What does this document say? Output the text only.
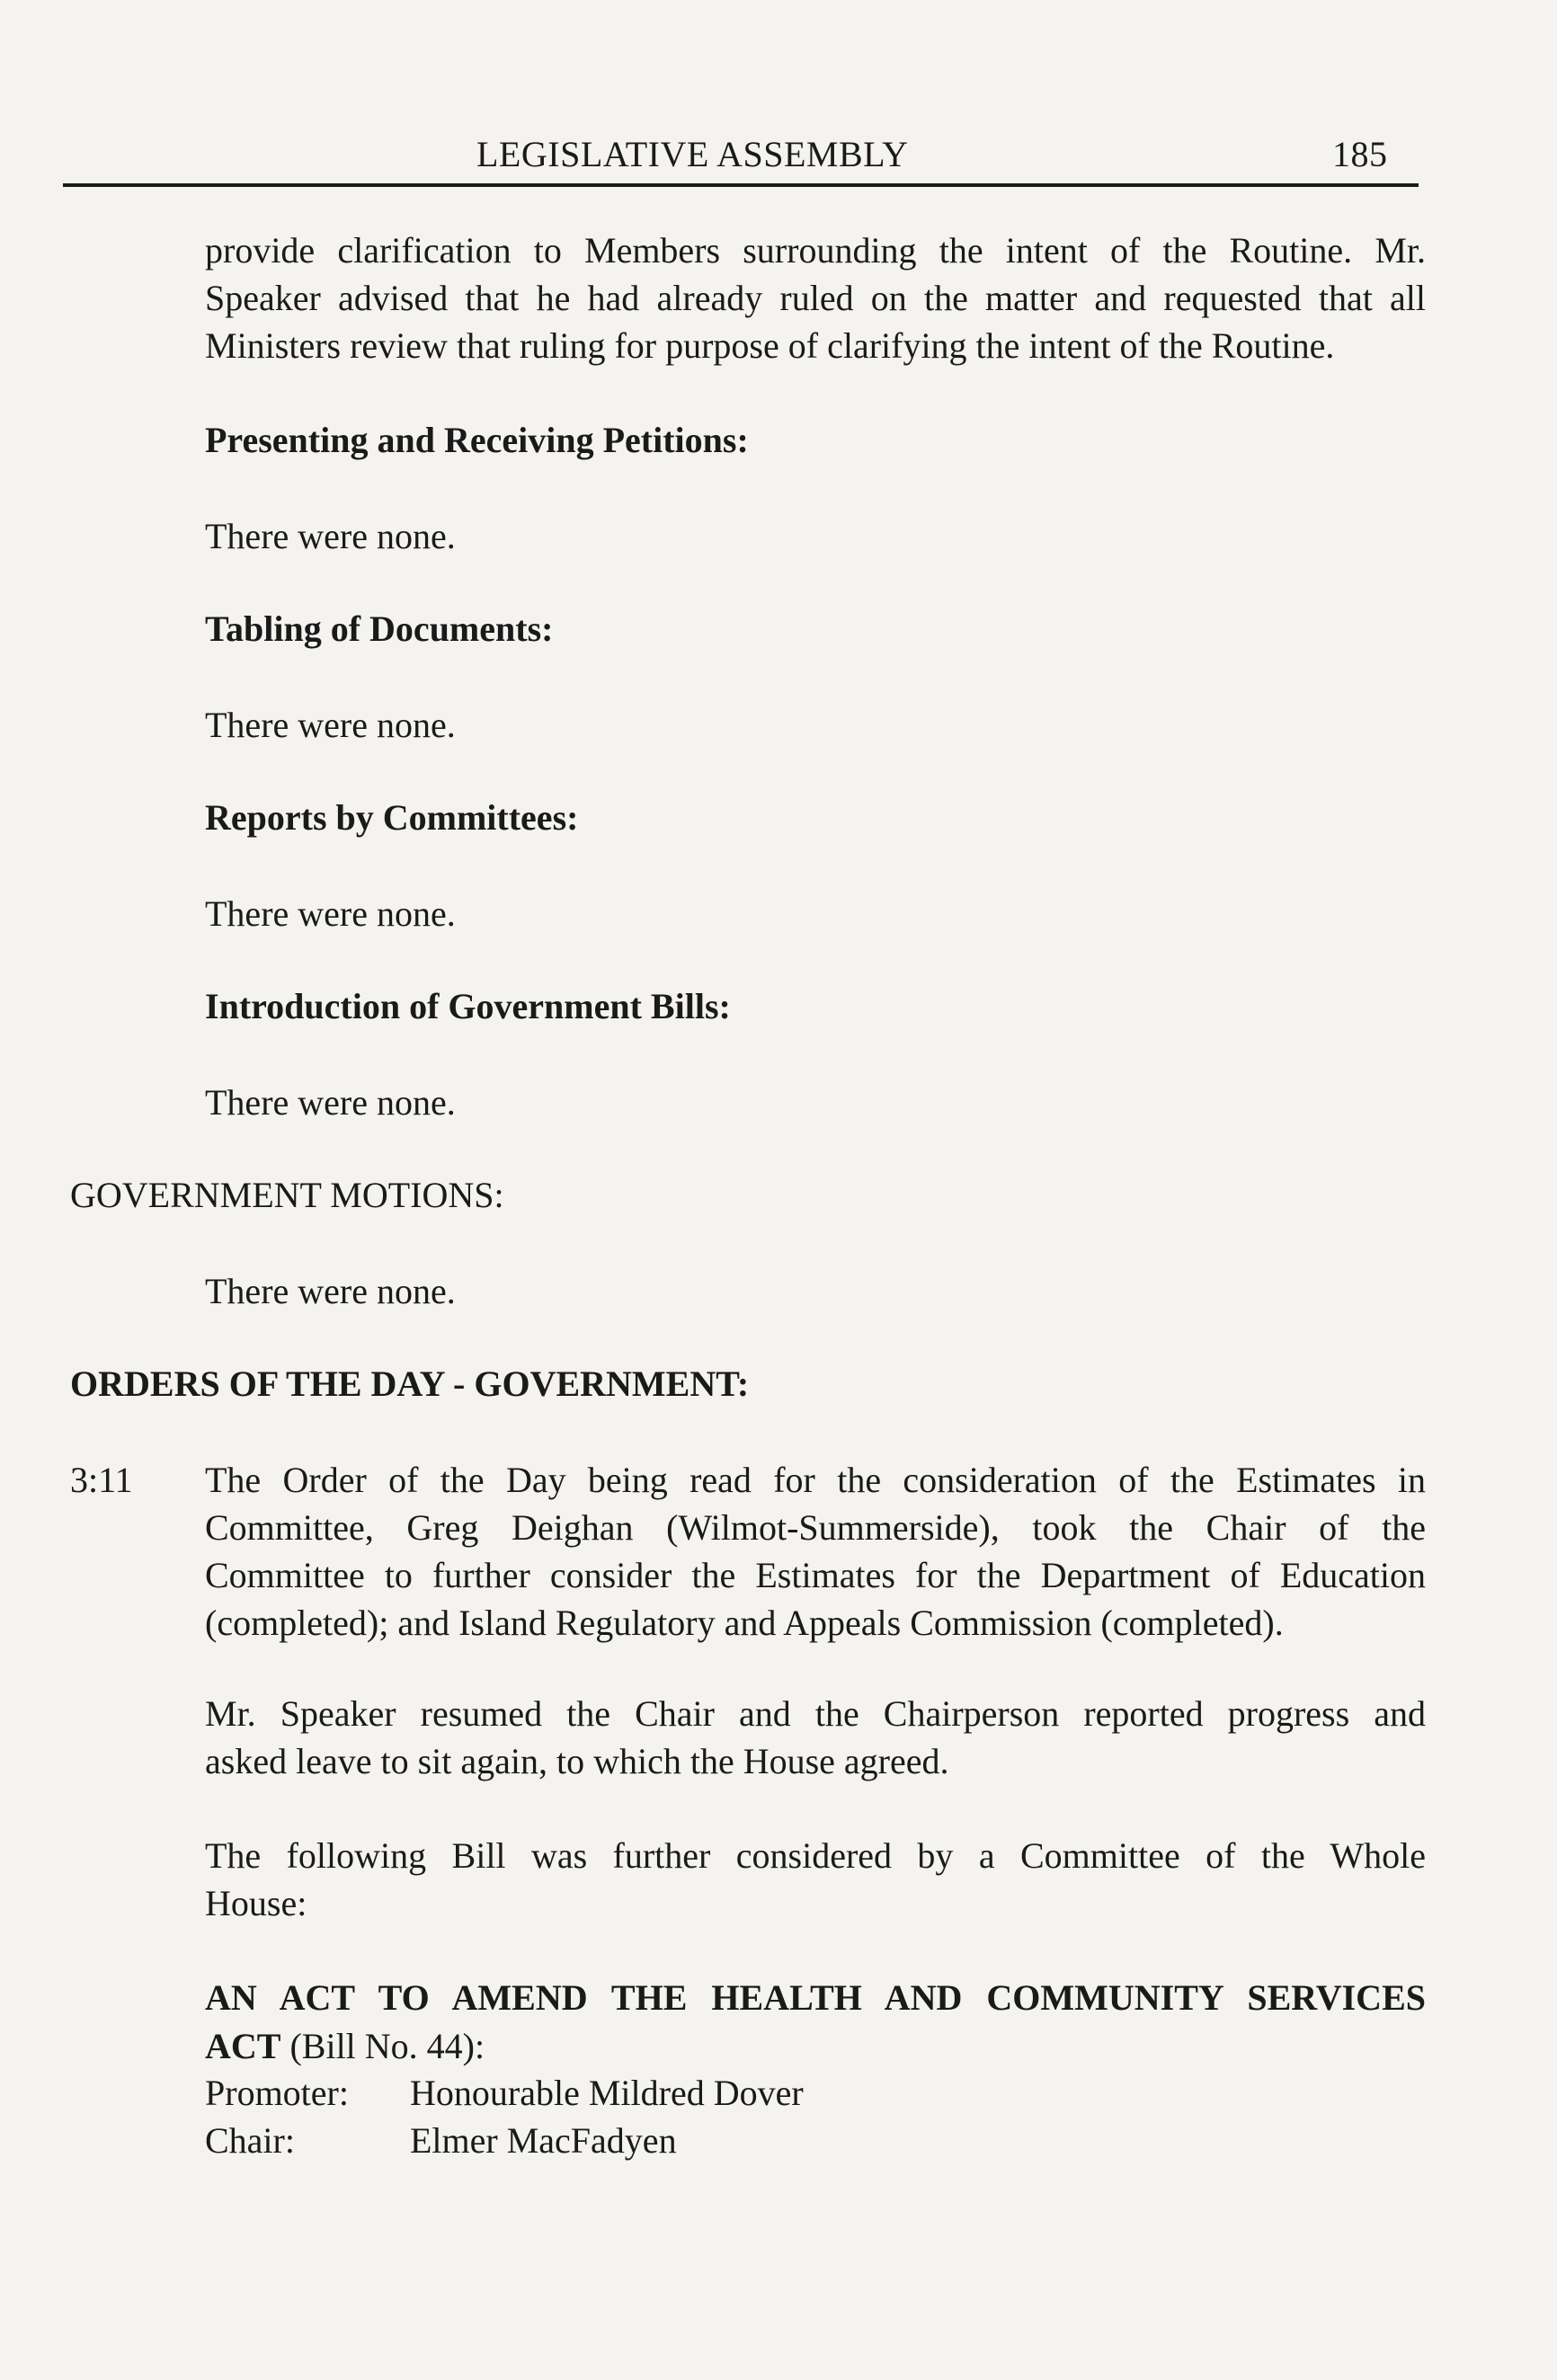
LEGISLATIVE ASSEMBLY	185
provide clarification to Members surrounding the intent of the Routine. Mr.
Speaker advised that he had already ruled on the matter and requested that all
Ministers review that ruling for purpose of clarifying the intent of the Routine.
Presenting and Receiving Petitions:
There were none.
Tabling of Documents:
There were none.
Reports by Committees:
There were none.
Introduction of Government Bills:
There were none.
GOVERNMENT MOTIONS:
There were none.
ORDERS OF THE DAY - GOVERNMENT:
3:11 The Order of the Day being read for the consideration of the Estimates in
Committee, Greg Deighan (Wilmot-Summerside), took the Chair of the
Committee to further consider the Estimates for the Department of Education
(completed); and Island Regulatory and Appeals Commission (completed).
Mr. Speaker resumed the Chair and the Chairperson reported progress and
asked leave to sit again, to which the House agreed.
The following Bill was further considered by a Committee of the Whole
House:
AN ACT TO AMEND THE HEALTH AND COMMUNITY SERVICES
ACT (Bill No. 44):
Promoter: Honourable Mildred Dover
Chair:	Elmer MacFadyen
